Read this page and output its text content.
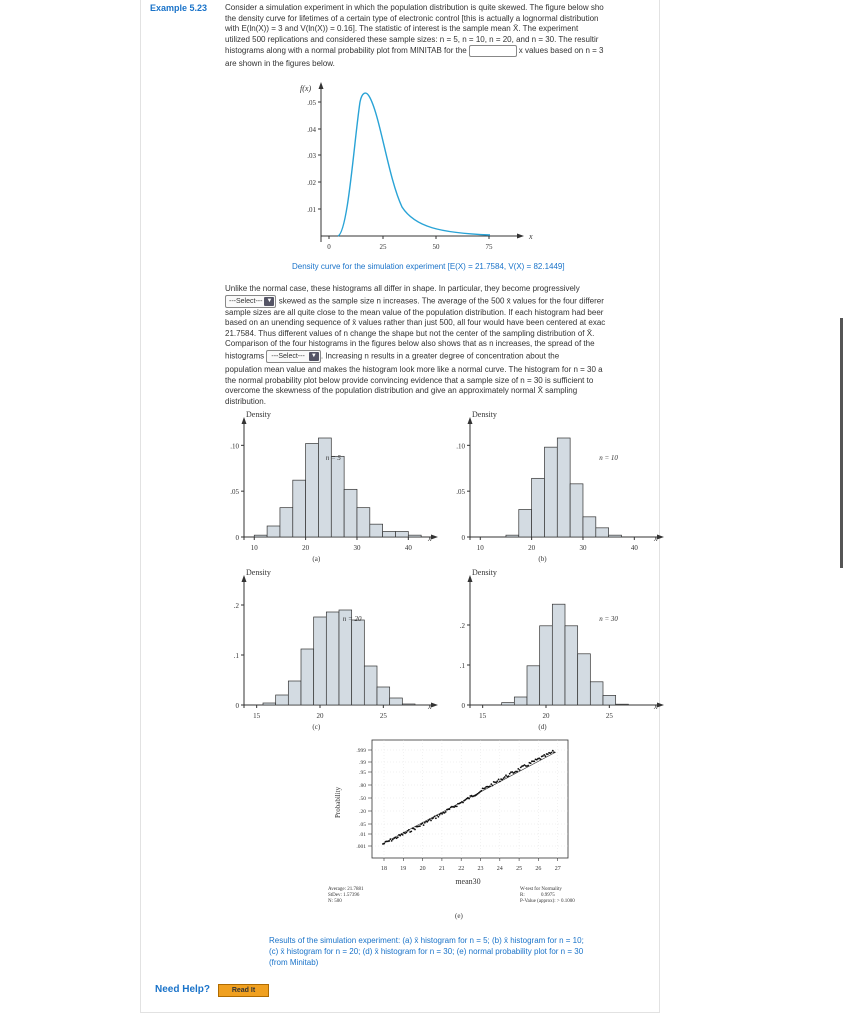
Example 5.23 Consider a simulation experiment in which the population distribution is quite skewed. The figure below sho
the density curve for lifetimes of a certain type of electronic control [this is actually a lognormal distribution
with E(ln(X)) = 3 and V(ln(X)) = 0.16]. The statistic of interest is the sample mean X̄. The experiment
utilized 500 replications and considered these sample sizes: n = 5, n = 10, n = 20, and n = 30. The resultir
histograms along with a normal probability plot from MINITAB for the	x values based on n = 3
are shown in the figures below.
f(x)
x
.05
.04
.03
.02
.01
0	25	50	75
Density curve for the simulation experiment [E(X) = 21.7584, V(X) = 82.1449]
Unlike the normal case, these histograms all differ in shape. In particular, they become progressively
---Select--- ▼ skewed as the sample size n increases. The average of the 500 x̄ values for the four differer
sample sizes are all quite close to the mean value of the population distribution. If each histogram had beer
based on an unending sequence of x̄ values rather than just 500, all four would have been centered at exac
21.7584. Thus different values of n change the shape but not the center of the sampling distribution of X̄.
Comparison of the four histograms in the figures below also shows that as n increases, the spread of the
histograms ---Select---	▼ . Increasing n results in a greater degree of concentration about the
population mean value and makes the histogram look more like a normal curve. The histogram for n = 30 a
the normal probability plot below provide convincing evidence that a sample size of n = 30 is sufficient to
overcome the skewness of the population distribution and give an approximately normal X̄ sampling
distribution.
Density
x̄
.10
.05
0
10	20	30	40
n = 5
(a)
Density
x̄
.10
.05
0
10	20	30	40
n = 10
(b)
Density
x̄
.2
.1
0
15	20	25
n = 20
(c)
Density
x̄
.2
.1
0
15	20	25
n = 30
(d)
Probability
.999
.99
.95
.80
.50
.20
.05
.01
.001
18 19 20 21 22 23 24 25 26 27
mean30
Average: 21.7881
StDev: 1.57396
N: 500
W-test for Normality
R:             0.9975
P-Value (approx): > 0.1000
(e)
Results of the simulation experiment: (a) x̄ histogram for n = 5; (b) x̄ histogram for n = 10;
(c) x̄ histogram for n = 20; (d) x̄ histogram for n = 30; (e) normal probability plot for n = 30
(from Minitab)
Need Help?	Read It
